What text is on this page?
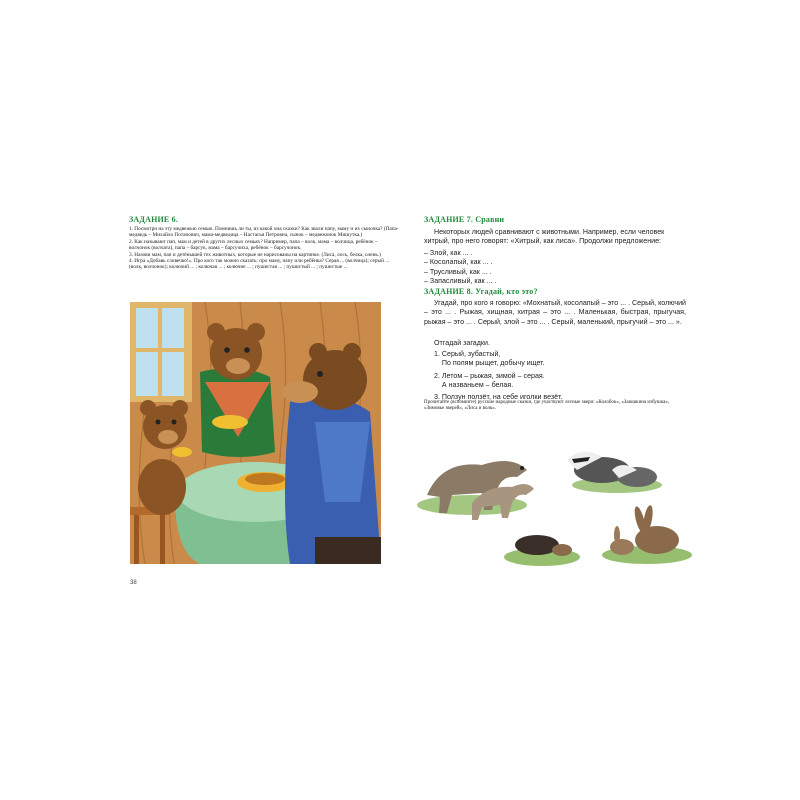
ЗАДАНИЕ 6.

1. Посмотри на эту медвежью семью. Помнишь ли ты, из какой она сказки? Как звали папу, маму и их сыночка? (Папа-медведь – Михайло Потапович, мама-медведица – Настасья Петровна, сынок – медвежонок Мишутка.)

2. Как называют пап, мам и детей в других лесных семьях? Например, папа – волк, мама – волчица, ребёнок – волчонок (волчата), папа – барсук, мама – барсучиха, ребёнок – барсучонок.

3. Назови мам, пап и детёнышей тех животных, которые не нарисованы на картинке. (Лиса, лось, белка, олень.)

4. Игра «Добавь словечко!». Про кого так можно сказать: про маму, папу или ребёнка? Серая ... (волчица); серый ... (волк, волчонок); колючий ... ; колючая ... ; колючие ... ; пушистая ... ; пушистый ... ; пушистые ...

38
ЗАДАНИЕ 7. Сравни
Некоторых людей сравнивают с животными. Например, если человек хитрый, про него говорят: «Хитрый, как лиса». Продолжи предложение:
– Злой, как ... .
– Косолапый, как ... .
– Трусливый, как ... .
– Запасливый, как ... .
ЗАДАНИЕ 8. Угадай, кто это?
Угадай, про кого я говорю: «Мохнатый, косолапый – это ... . Серый, колючий – это ... . Рыжая, хищная, хитрая – это ... . Маленькая, быстрая, прыгучая, рыжая – это ... . Серый, злой – это ... . Серый, маленький, прыгучий – это ... ».
Отгадай загадки.
1. Серый, зубастый,
По полям рыщет, добычу ищет.
2. Летом – рыжая, зимой – серая.
А названьем – белая.
3. Ползун ползёт, на себе иголки везёт.
Прочитайте (вспомните) русские народные сказки, где участвуют лесные звери: «Колобок», «Заюшкина избушка», «Зимовье зверей», «Лиса и волк».
